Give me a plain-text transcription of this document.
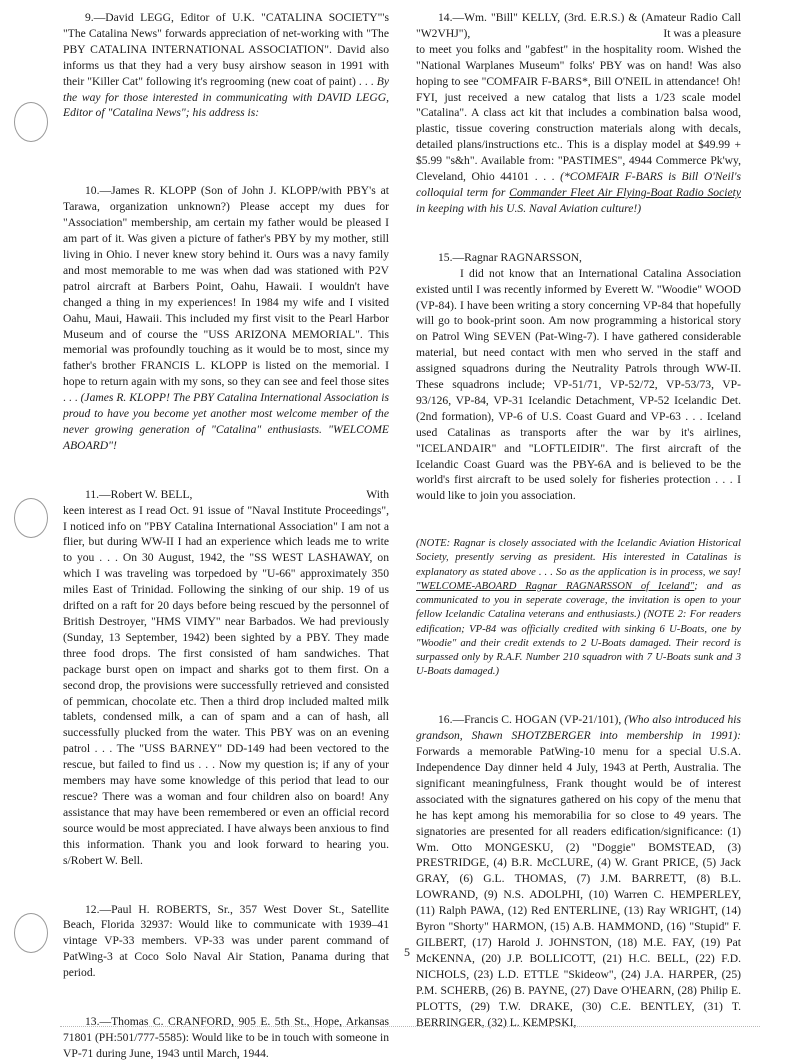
9.—David LEGG, Editor of U.K. "CATALINA SOCIETY"'s "The Catalina News" forwards appreciation of net-working with "The PBY CATALINA INTERNATIONAL ASSOCIATION". David also informs us that they had a very busy airshow season in 1991 with their "Killer Cat" following it's regrooming (new coat of paint) . . . By the way for those interested in communicating with DAVID LEGG, Editor of "Catalina News"; his address is:

10.—James R. KLOPP (Son of John J. KLOPP/with PBY's at Tarawa, organization unknown?) Please accept my dues for "Association" membership, am certain my father would be pleased I am part of it. Was given a picture of father's PBY by my mother, still living in Ohio. I never knew story behind it. Ours was a navy family and most memorable to me was when dad was stationed with P2V patrol aircraft at Barbers Point, Oahu, Hawaii. I wouldn't have changed a thing in my experiences! In 1984 my wife and I visited Oahu, Maui, Hawaii. This included my first visit to the Pearl Harbor Museum and of course the "USS ARIZONA MEMORIAL". This memorial was profoundly touching as it would be to most, since my father's brother FRANCIS L. KLOPP is listed on the memorial. I hope to return again with my sons, so they can see and feel those sites . . . (James R. KLOPP! The PBY Catalina International Association is proud to have you become yet another most welcome member of the never growing generation of "Catalina" enthusiasts. "WELCOME ABOARD"!

11.—Robert W. BELL,	With

keen interest as I read Oct. 91 issue of "Naval Institute Proceedings", I noticed info on "PBY Catalina International Association" I am not a flier, but during WW-II I had an experience which leads me to write to you . . . On 30 August, 1942, the "SS WEST LASHAWAY, on which I was traveling was torpedoed by "U-66" approximately 350 miles East of Trinidad. Following the sinking of our ship. 19 of us drifted on a raft for 20 days before being rescued by the personnel of British Destroyer, "HMS VIMY" near Barbados. We had previously (Sunday, 13 September, 1942) been sighted by a PBY. They made three food drops. The first consisted of ham sandwiches. That package burst open on impact and sharks got to them first. On a second drop, the provisions were successfully retrieved and consisted of pemmican, chocolate etc. Then a third drop included malted milk tablets, condensed milk, a can of spam and a can of hash, all successfully plucked from the water. This PBY was on an evening patrol . . . The "USS BARNEY" DD-149 had been vectored to the rescue, but failed to find us . . . Now my question is; if any of your members may have some knowledge of this period that lead to our rescue? There was a woman and four children also on board! Any assistance that may have been remembered or even an official record source would be most appreciated. I have always been anxious to find this information. Thank you and look forward to hearing you. s/Robert W. Bell.

12.—Paul H. ROBERTS, Sr., 357 West Dover St., Satellite Beach, Florida 32937: Would like to communicate with 1939–41 vintage VP-33 members. VP-33 was under parent command of PatWing-3 at Coco Solo Naval Air Station, Panama during that period.

13.—Thomas C. CRANFORD, 905 E. 5th St., Hope, Arkansas 71801 (PH:501/777-5585): Would like to be in touch with someone in VP-71 during June, 1943 until March, 1944.

14.—Wm. "Bill" KELLY, (3rd. E.R.S.) & (Amateur Radio Call "W2VHJ"),	It was a pleasure

to meet you folks and "gabfest" in the hospitality room. Wished the "National Warplanes Museum" folks' PBY was on hand! Was also hoping to see "COMFAIR F-BARS*, Bill O'NEIL in attendance! Oh! FYI, just received a new catalog that lists a 1/23 scale model "Catalina". A class act kit that includes a combination balsa wood, plastic, tissue covering construction materials along with decals, detailed plans/instructions etc.. This is a display model at $49.99 + $5.99 "s&h". Available from: "PASTIMES", 4944 Commerce Pk'wy, Cleveland, Ohio 44101 . . . (*COMFAIR F-BARS is Bill O'Neil's colloquial term for Commander Fleet Air Flying-Boat Radio Society in keeping with his U.S. Naval Aviation culture!)

15.—Ragnar RAGNARSSON,

I did not know that an International Catalina Association existed until I was recently informed by Everett W. "Woodie" WOOD (VP-84). I have been writing a story concerning VP-84 that hopefully will go to book-print soon. Am now programming a historical story on Patrol Wing SEVEN (Pat-Wing-7). I have gathered considerable material, but need contact with men who served in the staff and assigned squadrons during the Neutrality Patrols through WW-II. These squadrons include; VP-51/71, VP-52/72, VP-53/73, VP-93/126, VP-84, VP-31 Icelandic Detachment, VP-52 Icelandic Det. (2nd formation), VP-6 of U.S. Coast Guard and VP-63 . . . Iceland used Catalinas as transports after the war by it's airlines, "ICELANDAIR" and "LOFTLEIDIR". The first aircraft of the Icelandic Coast Guard was the PBY-6A and is believed to be the world's first aircraft to be used solely for fisheries protection . . . I would like to join you association.

(NOTE: Ragnar is closely associated with the Icelandic Aviation Historical Society, presently serving as president. His interested in Catalinas is explanatory as stated above . . . So as the application is in process, we say! "WELCOME-ABOARD Ragnar RAGNARSSON of Iceland"; and as communicated to you in seperate coverage, the invitation is open to your fellow Icelandic Catalina veterans and enthusiasts.) (NOTE 2: For readers edification; VP-84 was officially credited with sinking 6 U-Boats, one by "Woodie" and their credit extends to 2 U-Boats damaged. Their record is surpassed only by R.A.F. Number 210 squadron with 7 U-Boats sunk and 3 U-Boats damaged.)

16.—Francis C. HOGAN (VP-21/101), (Who also introduced his grandson, Shawn SHOTZBERGER into membership in 1991): Forwards a memorable PatWing-10 menu for a special U.S.A. Independence Day dinner held 4 July, 1943 at Perth, Australia. The significant meaningfulness, Frank thought would be of interest associated with the signatures gathered on his copy of the menu that he has kept among his memorabilia for so close to 49 years. The signatories are presented for all readers edification/significance: (1) Wm. Otto MONGESKU, (2) "Doggie" BOMSTEAD, (3) PRESTRIDGE, (4) B.R. McCLURE, (4) W. Grant PRICE, (5) Jack GRAY, (6) G.L. THOMAS, (7) J.M. BARRETT, (8) B.L. LOWRAND, (9) N.S. ADOLPHI, (10) Warren C. HEMPERLEY, (11) Ralph PAWA, (12) Red ENTERLINE, (13) Ray WRIGHT, (14) Byron "Shorty" HARMON, (15) A.B. HAMMOND, (16) "Stupid" F. GILBERT, (17) Harold J. JOHNSTON, (18) M.E. FAY, (19) Pat McKENNA, (20) J.P. BOLLICOTT, (21) H.C. BELL, (22) F.D. NICHOLS, (23) L.D. ETTLE "Skideow", (24) J.A. HARPER, (25) P.M. SCHERB, (26) B. PAYNE, (27) Dave O'HEARN, (28) Philip E. PLOTTS, (29) T.W. DRAKE, (30) C.E. BENTLEY, (31) T. BERRINGER, (32) L. KEMPSKI,

5
